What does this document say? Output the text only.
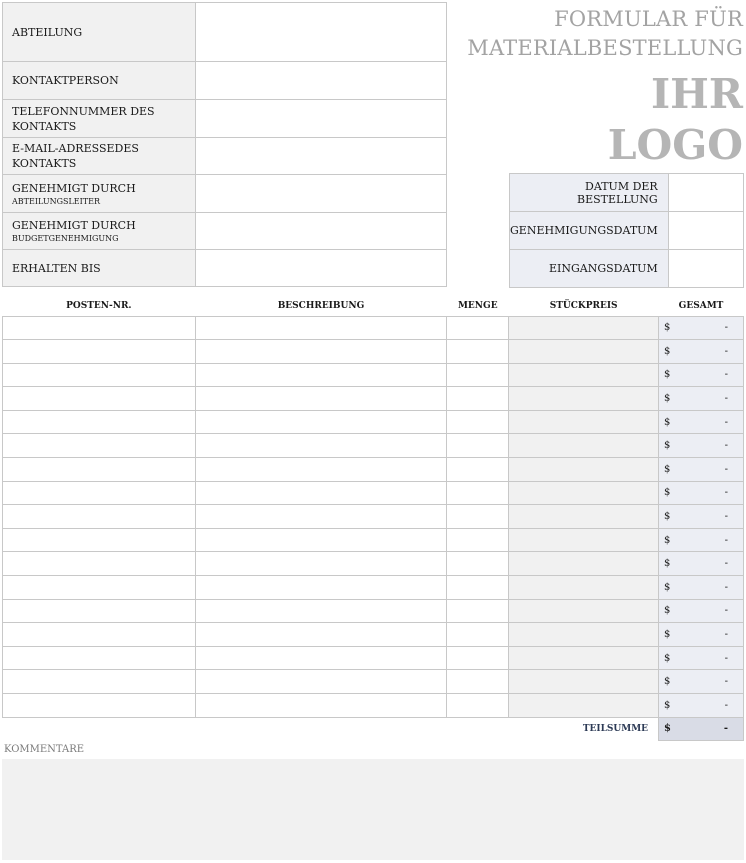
ABTEILUNG	
KONTAKTPERSON	
TELEFONNUMMER DES KONTAKTS	
E-MAIL-ADRESSEDES KONTAKTS	
GENEHMIGT DURCH
ABTEILUNGSLEITER	

GENEHMIGT DURCH
BUDGETGENEHMIGUNG	

ERHALTEN BIS	
FORMULAR FÜR
MATERIALBESTELLUNG
IHR
LOGO
DATUM DER BESTELLUNG	
GENEHMIGUNGSDATUM	
EINGANGSDATUM	
POSTEN-NR.	BESCHREIBUNG	MENGE	STÜCKPREIS	GESAMT
				$ -

				$ -

				$ -

				$ -

				$ -

				$ -

				$ -

				$ -

				$ -

				$ -

				$ -

				$ -

				$ -

				$ -

				$ -

				$ -

				$ -

TEILSUMME				$ -
KOMMENTARE
